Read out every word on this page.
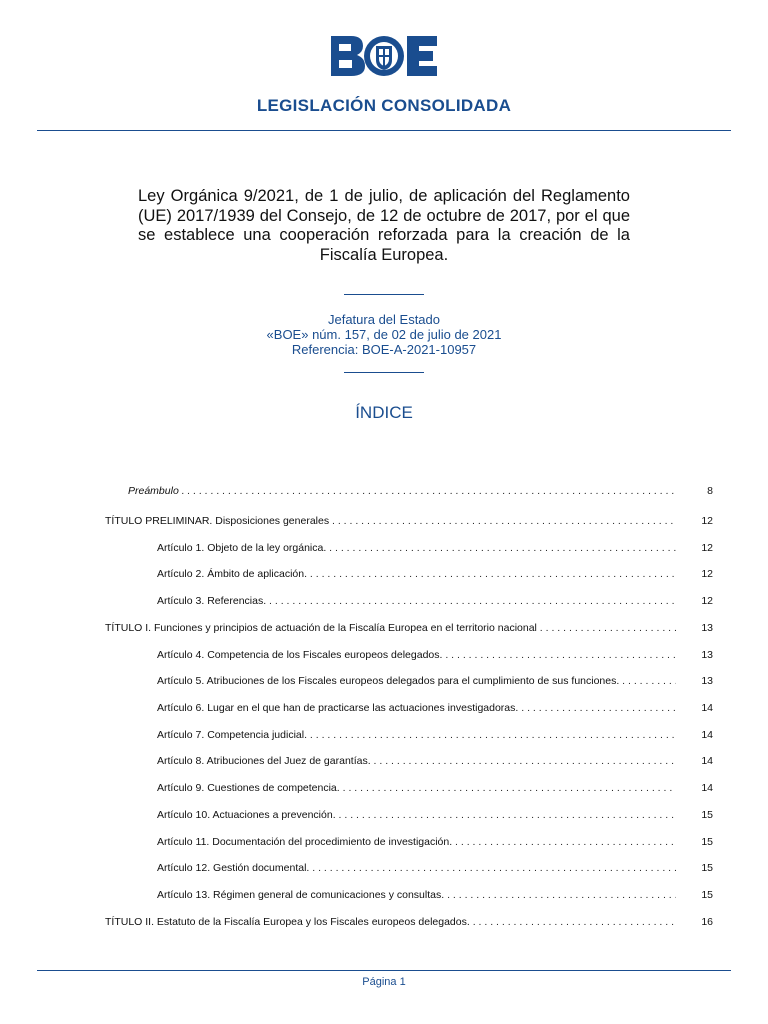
LEGISLACIÓN CONSOLIDADA
Ley Orgánica 9/2021, de 1 de julio, de aplicación del Reglamento (UE) 2017/1939 del Consejo, de 12 de octubre de 2017, por el que se establece una cooperación reforzada para la creación de la Fiscalía Europea.
Jefatura del Estado
«BOE» núm. 157, de 02 de julio de 2021
Referencia: BOE-A-2021-10957
ÍNDICE
Preámbulo . . .	8
TÍTULO PRELIMINAR. Disposiciones generales . . .	12
Artículo 1. Objeto de la ley orgánica. . . .	12
Artículo 2. Ámbito de aplicación. . . .	12
Artículo 3. Referencias. . . .	12
TÍTULO I. Funciones y principios de actuación de la Fiscalía Europea en el territorio nacional . . .	13
Artículo 4. Competencia de los Fiscales europeos delegados. . . .	13
Artículo 5. Atribuciones de los Fiscales europeos delegados para el cumplimiento de sus funciones. . . .	13
Artículo 6. Lugar en el que han de practicarse las actuaciones investigadoras. . . .	14
Artículo 7. Competencia judicial. . . .	14
Artículo 8. Atribuciones del Juez de garantías. . . .	14
Artículo 9. Cuestiones de competencia. . . .	14
Artículo 10. Actuaciones a prevención. . . .	15
Artículo 11. Documentación del procedimiento de investigación. . . .	15
Artículo 12. Gestión documental. . . .	15
Artículo 13. Régimen general de comunicaciones y consultas. . . .	15
TÍTULO II. Estatuto de la Fiscalía Europea y los Fiscales europeos delegados. . . .	16
Página 1
